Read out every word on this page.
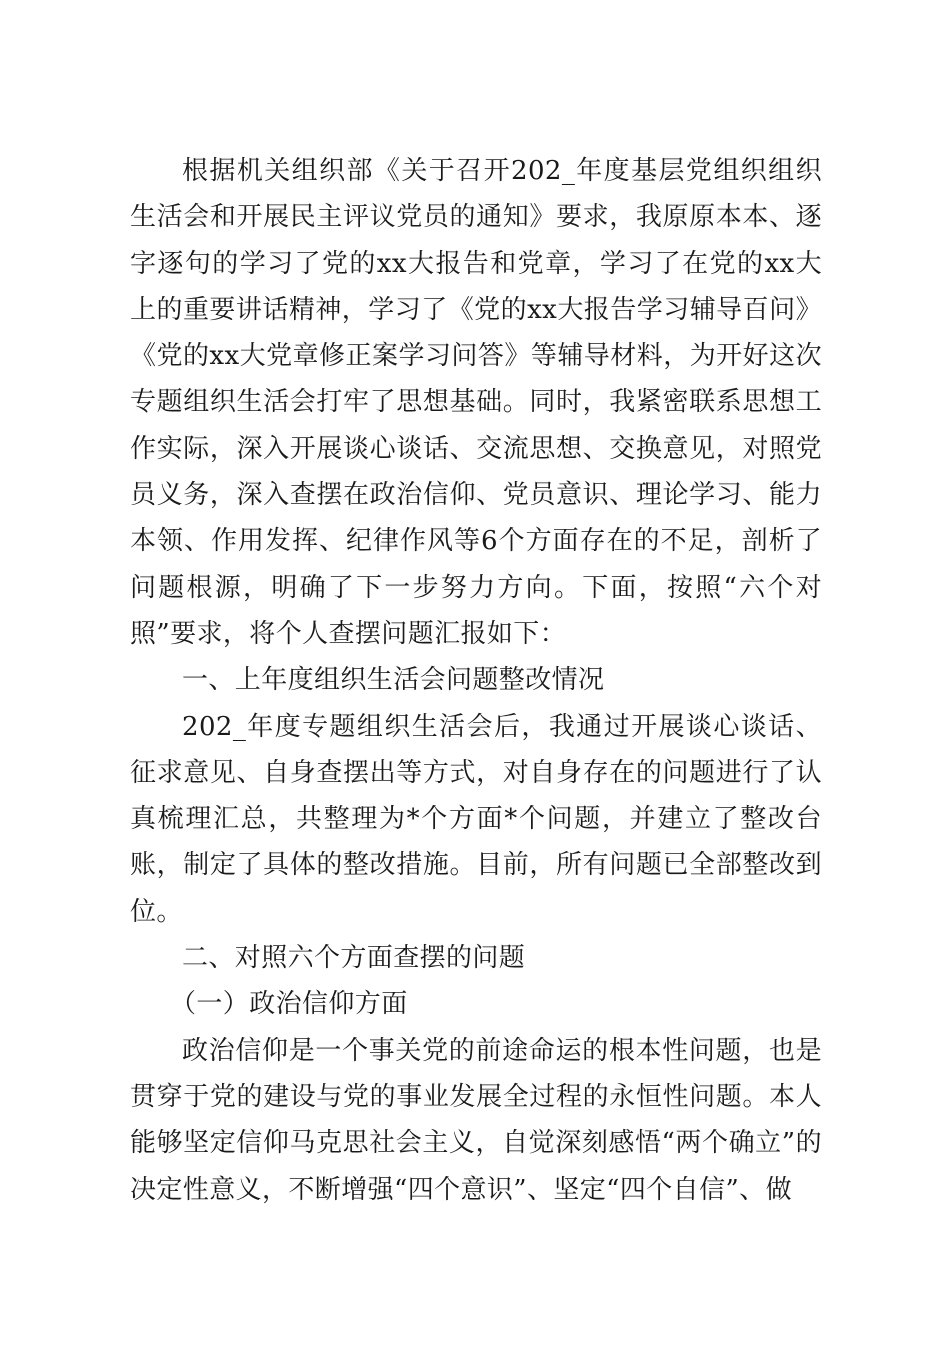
根据机关组织部《关于召开202_年度基层党组织组织生活会和开展民主评议党员的通知》要求，我原原本本、逐字逐句的学习了党的xx大报告和党章，学习了在党的xx大上的重要讲话精神，学习了《党的xx大报告学习辅导百问》《党的xx大党章修正案学习问答》等辅导材料，为开好这次专题组织生活会打牢了思想基础。同时，我紧密联系思想工作实际，深入开展谈心谈话、交流思想、交换意见，对照党员义务，深入查摆在政治信仰、党员意识、理论学习、能力本领、作用发挥、纪律作风等6个方面存在的不足，剖析了问题根源，明确了下一步努力方向。下面，按照“六个对照”要求，将个人查摆问题汇报如下：

一、上年度组织生活会问题整改情况

202_年度专题组织生活会后，我通过开展谈心谈话、征求意见、自身查摆出等方式，对自身存在的问题进行了认真梳理汇总，共整理为*个方面*个问题，并建立了整改台账，制定了具体的整改措施。目前，所有问题已全部整改到位。

二、对照六个方面查摆的问题

（一）政治信仰方面

政治信仰是一个事关党的前途命运的根本性问题，也是贯穿于党的建设与党的事业发展全过程的永恒性问题。本人能够坚定信仰马克思社会主义，自觉深刻感悟“两个确立”的决定性意义，不断增强“四个意识”、坚定“四个自信”、做
